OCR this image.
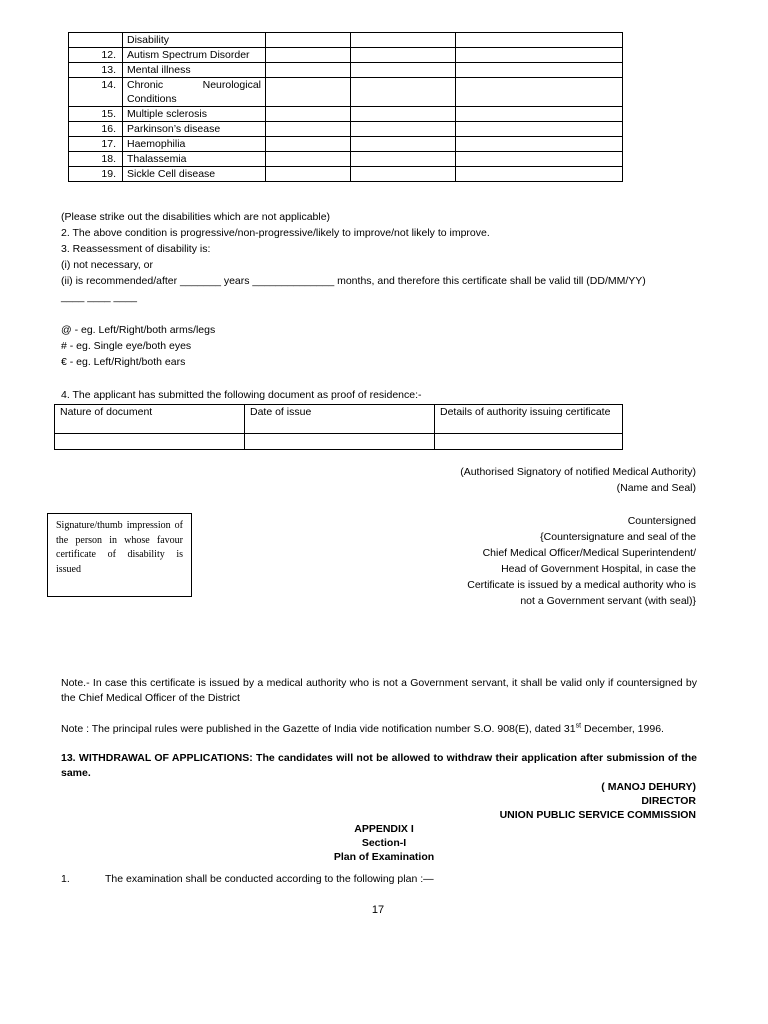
	Disability			
12.	Autism Spectrum Disorder			
13.	Mental illness			
14.	Chronic Neurological Conditions			
15.	Multiple sclerosis			
16.	Parkinson’s disease			
17.	Haemophilia			
18.	Thalassemia			
19.	Sickle Cell disease			
(Please strike out the disabilities which are not applicable)
2. The above condition is progressive/non-progressive/likely to improve/not likely to improve.
3. Reassessment of disability is:
(i) not necessary, or
(ii) is recommended/after _______ years ______________ months, and therefore this certificate shall be valid till (DD/MM/YY)
____ ____ ____
@ - eg. Left/Right/both arms/legs
# - eg. Single eye/both eyes
€ - eg. Left/Right/both ears
4. The applicant has submitted the following document as proof of residence:-
Nature of document	Date of issue	Details of authority issuing certificate

(Authorised Signatory of notified Medical Authority)
(Name and Seal)
Signature/thumb impression of the person in whose favour certificate of disability is issued
Countersigned
{Countersignature and seal of the
Chief Medical Officer/Medical Superintendent/
Head of Government Hospital, in case the
Certificate is issued by a medical authority who is
not a Government servant (with seal)}
Note.- In case this certificate is issued by a medical authority who is not a Government servant, it shall be valid only if countersigned by the Chief Medical Officer of the District
Note : The principal rules were published in the Gazette of India vide notification number S.O. 908(E), dated 31st December, 1996.
13. WITHDRAWAL OF APPLICATIONS: The candidates will not be allowed to withdraw their application after submission of the same.
( MANOJ DEHURY)
DIRECTOR
UNION PUBLIC SERVICE COMMISSION
APPENDIX I
Section-I
Plan of Examination
1.	The examination shall be conducted according to the following plan :—
17
